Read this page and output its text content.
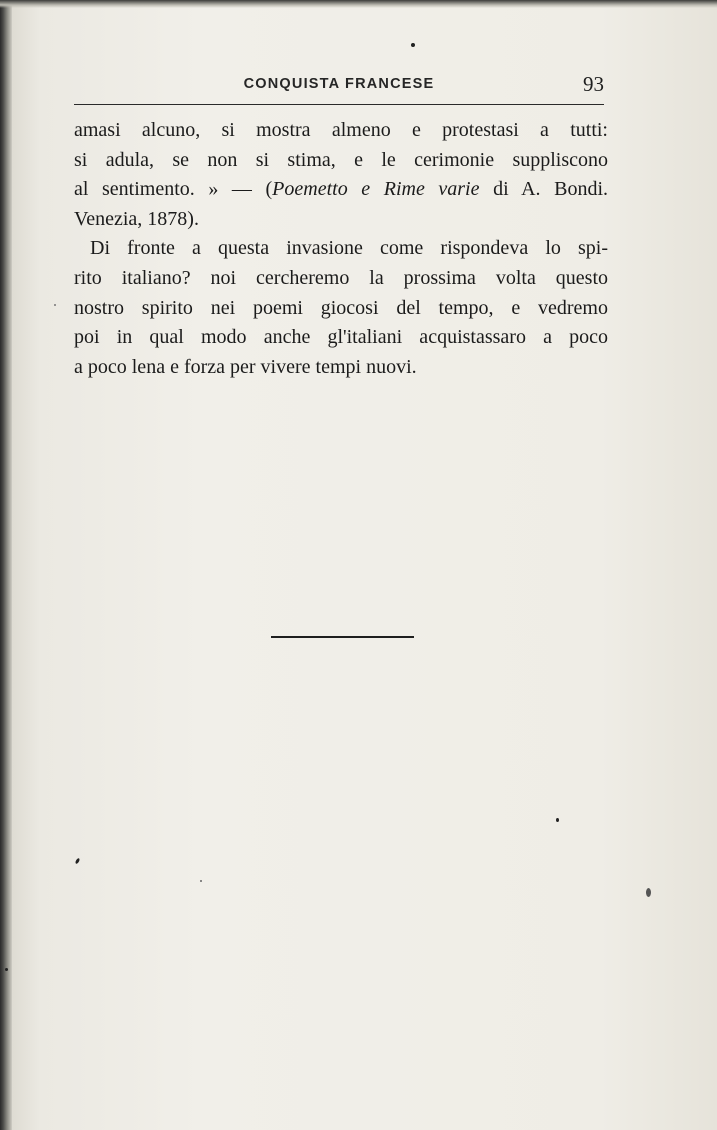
CONQUISTA FRANCESE	93
amasi alcuno, si mostra almeno e protestasi a tutti:
si adula, se non si stima, e le cerimonie suppliscono
al sentimento. » — (Poemetto e Rime varie di A. Bondi.
Venezia, 1878).
Di fronte a questa invasione come rispondeva lo spi-
rito italiano? noi cercheremo la prossima volta questo
nostro spirito nei poemi giocosi del tempo, e vedremo
poi in qual modo anche gl'italiani acquistassaro a poco
a poco lena e forza per vivere tempi nuovi.
